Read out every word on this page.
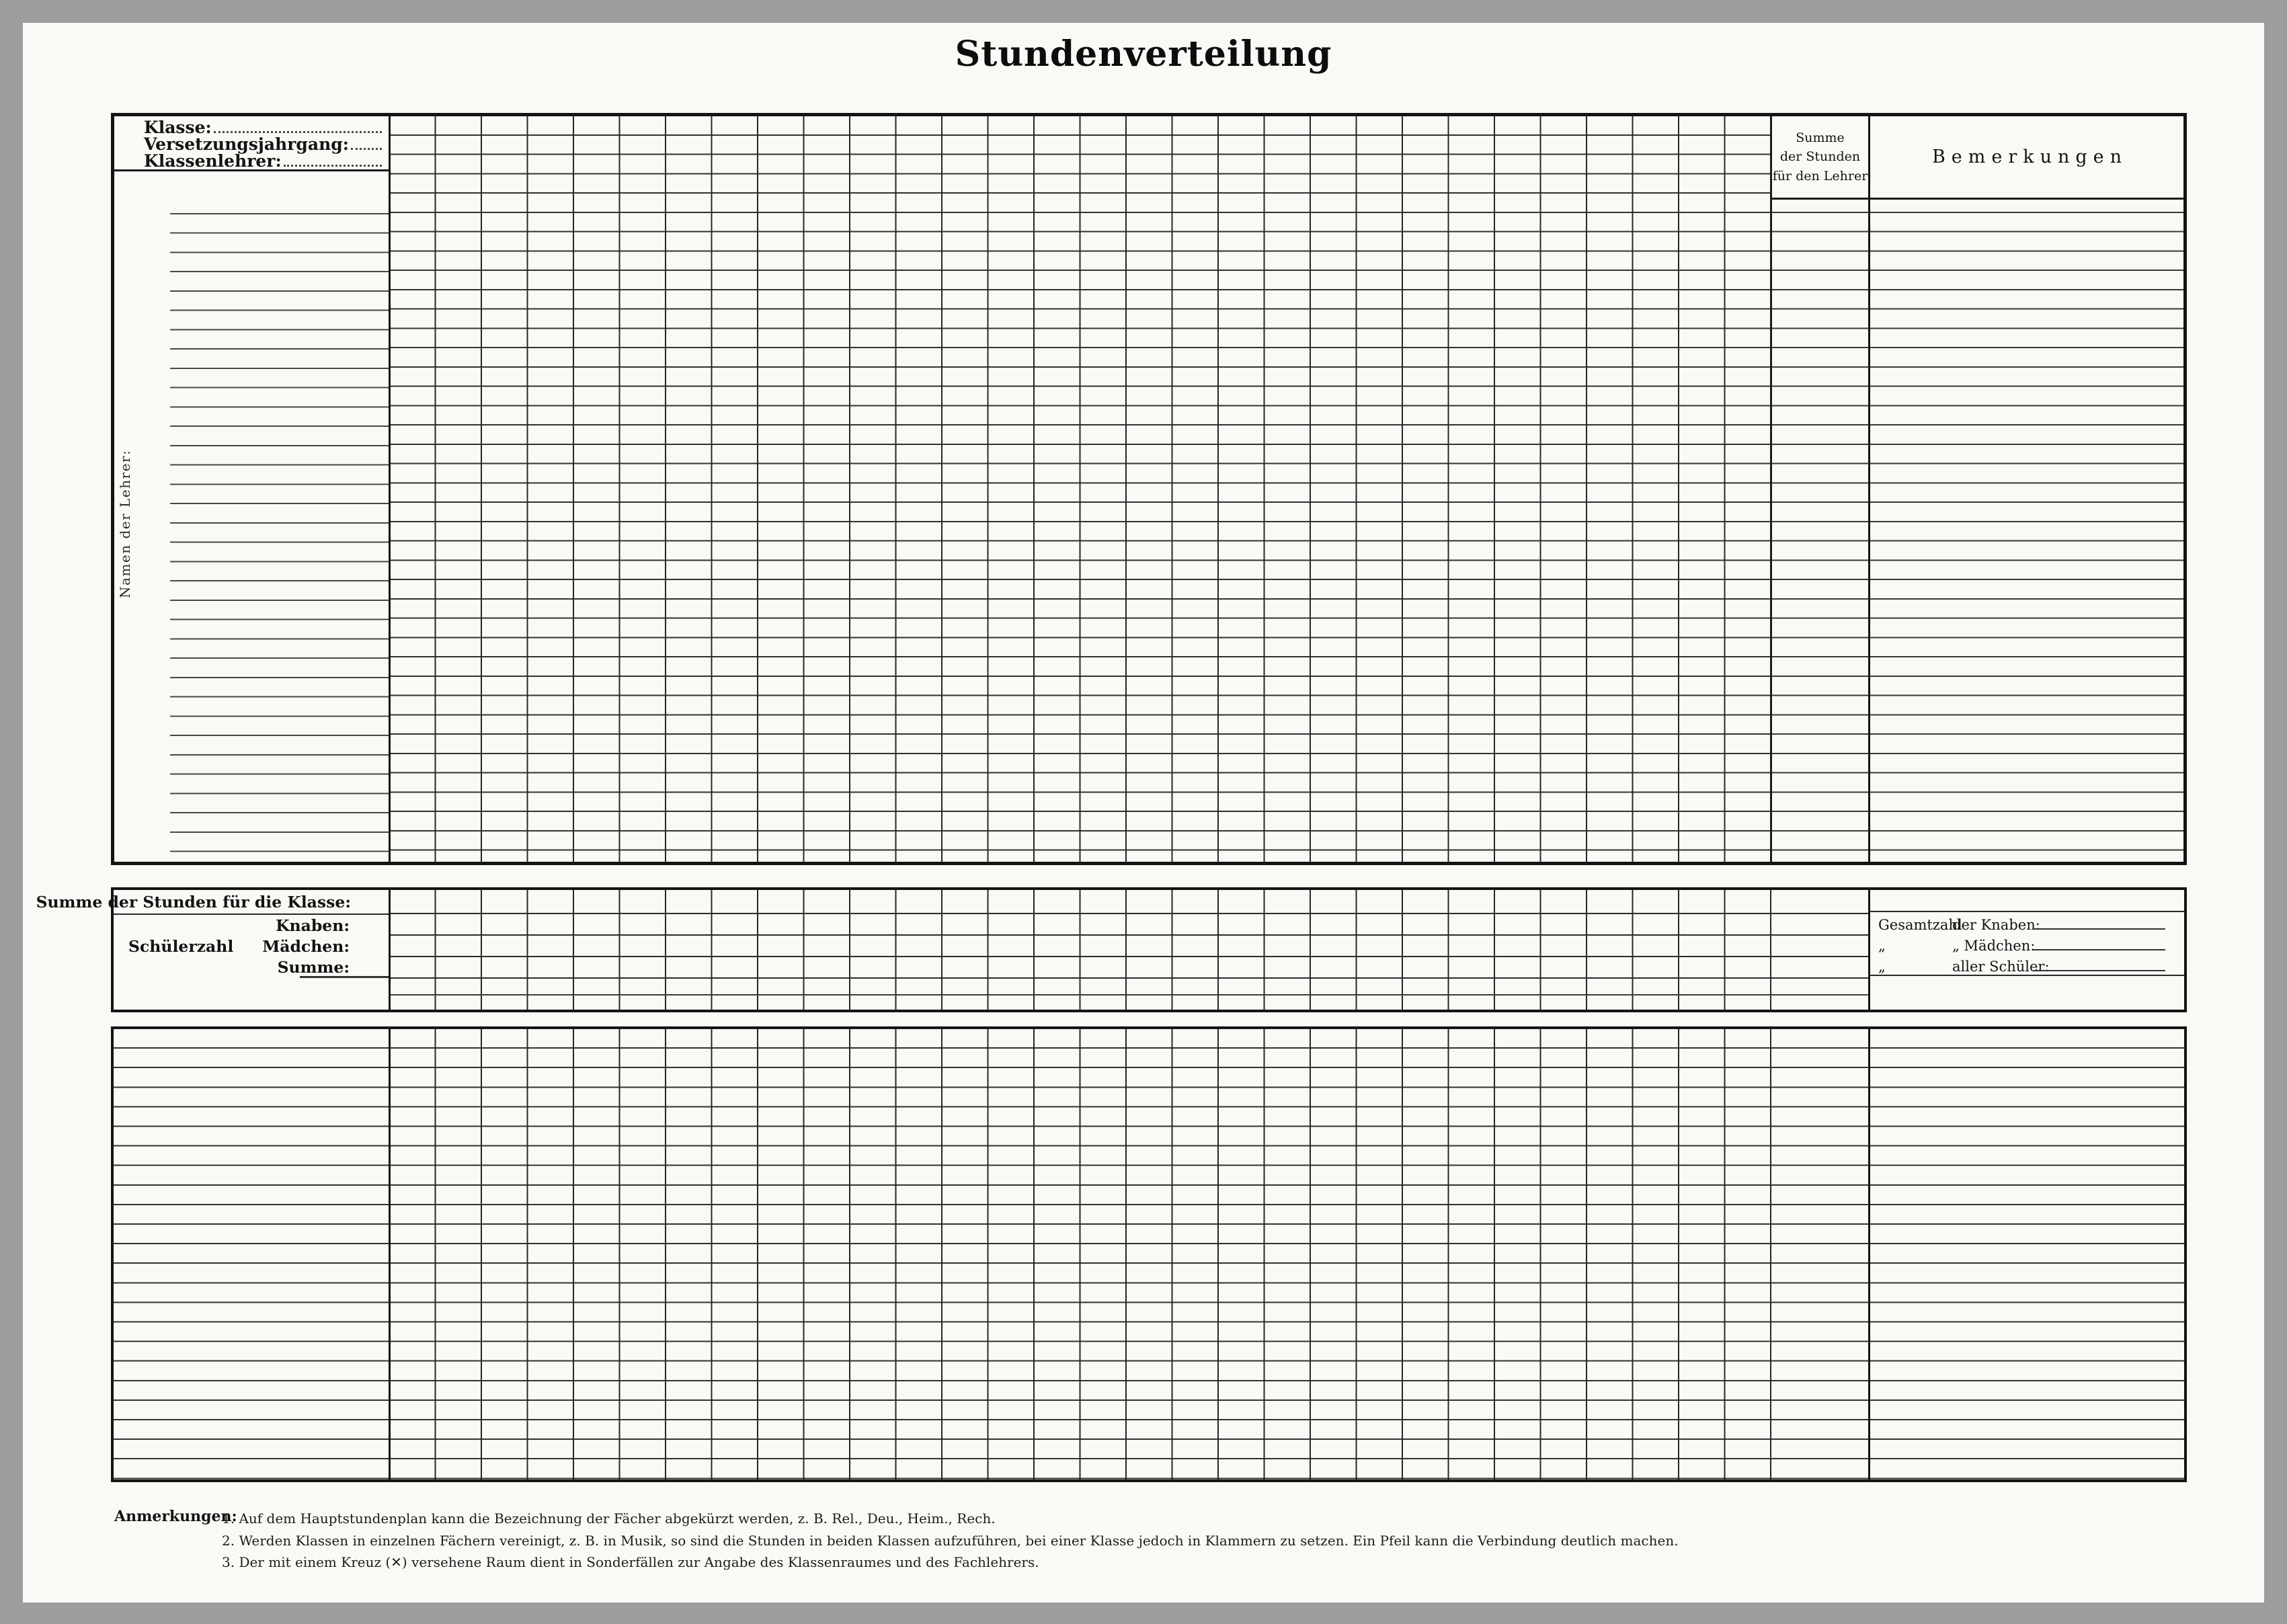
Stundenverteilung
Klasse:
Versetzungsjahrgang:
Klassenlehrer:
Summe
der Stunden
für den Lehrer
Bemerkungen
Namen der Lehrer:
Summe der Stunden für die Klasse:
Knaben:
Mädchen:
Summe:
Schülerzahl
Gesamtzahl
der Knaben:
„	„ Mädchen:
„	aller Schüler:
Anmerkungen:
1. Auf dem Hauptstundenplan kann die Bezeichnung der Fächer abgekürzt werden, z. B. Rel., Deu., Heim., Rech.
2. Werden Klassen in einzelnen Fächern vereinigt, z. B. in Musik, so sind die Stunden in beiden Klassen aufzuführen, bei einer Klasse jedoch in Klammern zu setzen. Ein Pfeil kann die Verbindung deutlich machen.
3. Der mit einem Kreuz (✕) versehene Raum dient in Sonderfällen zur Angabe des Klassenraumes und des Fachlehrers.
